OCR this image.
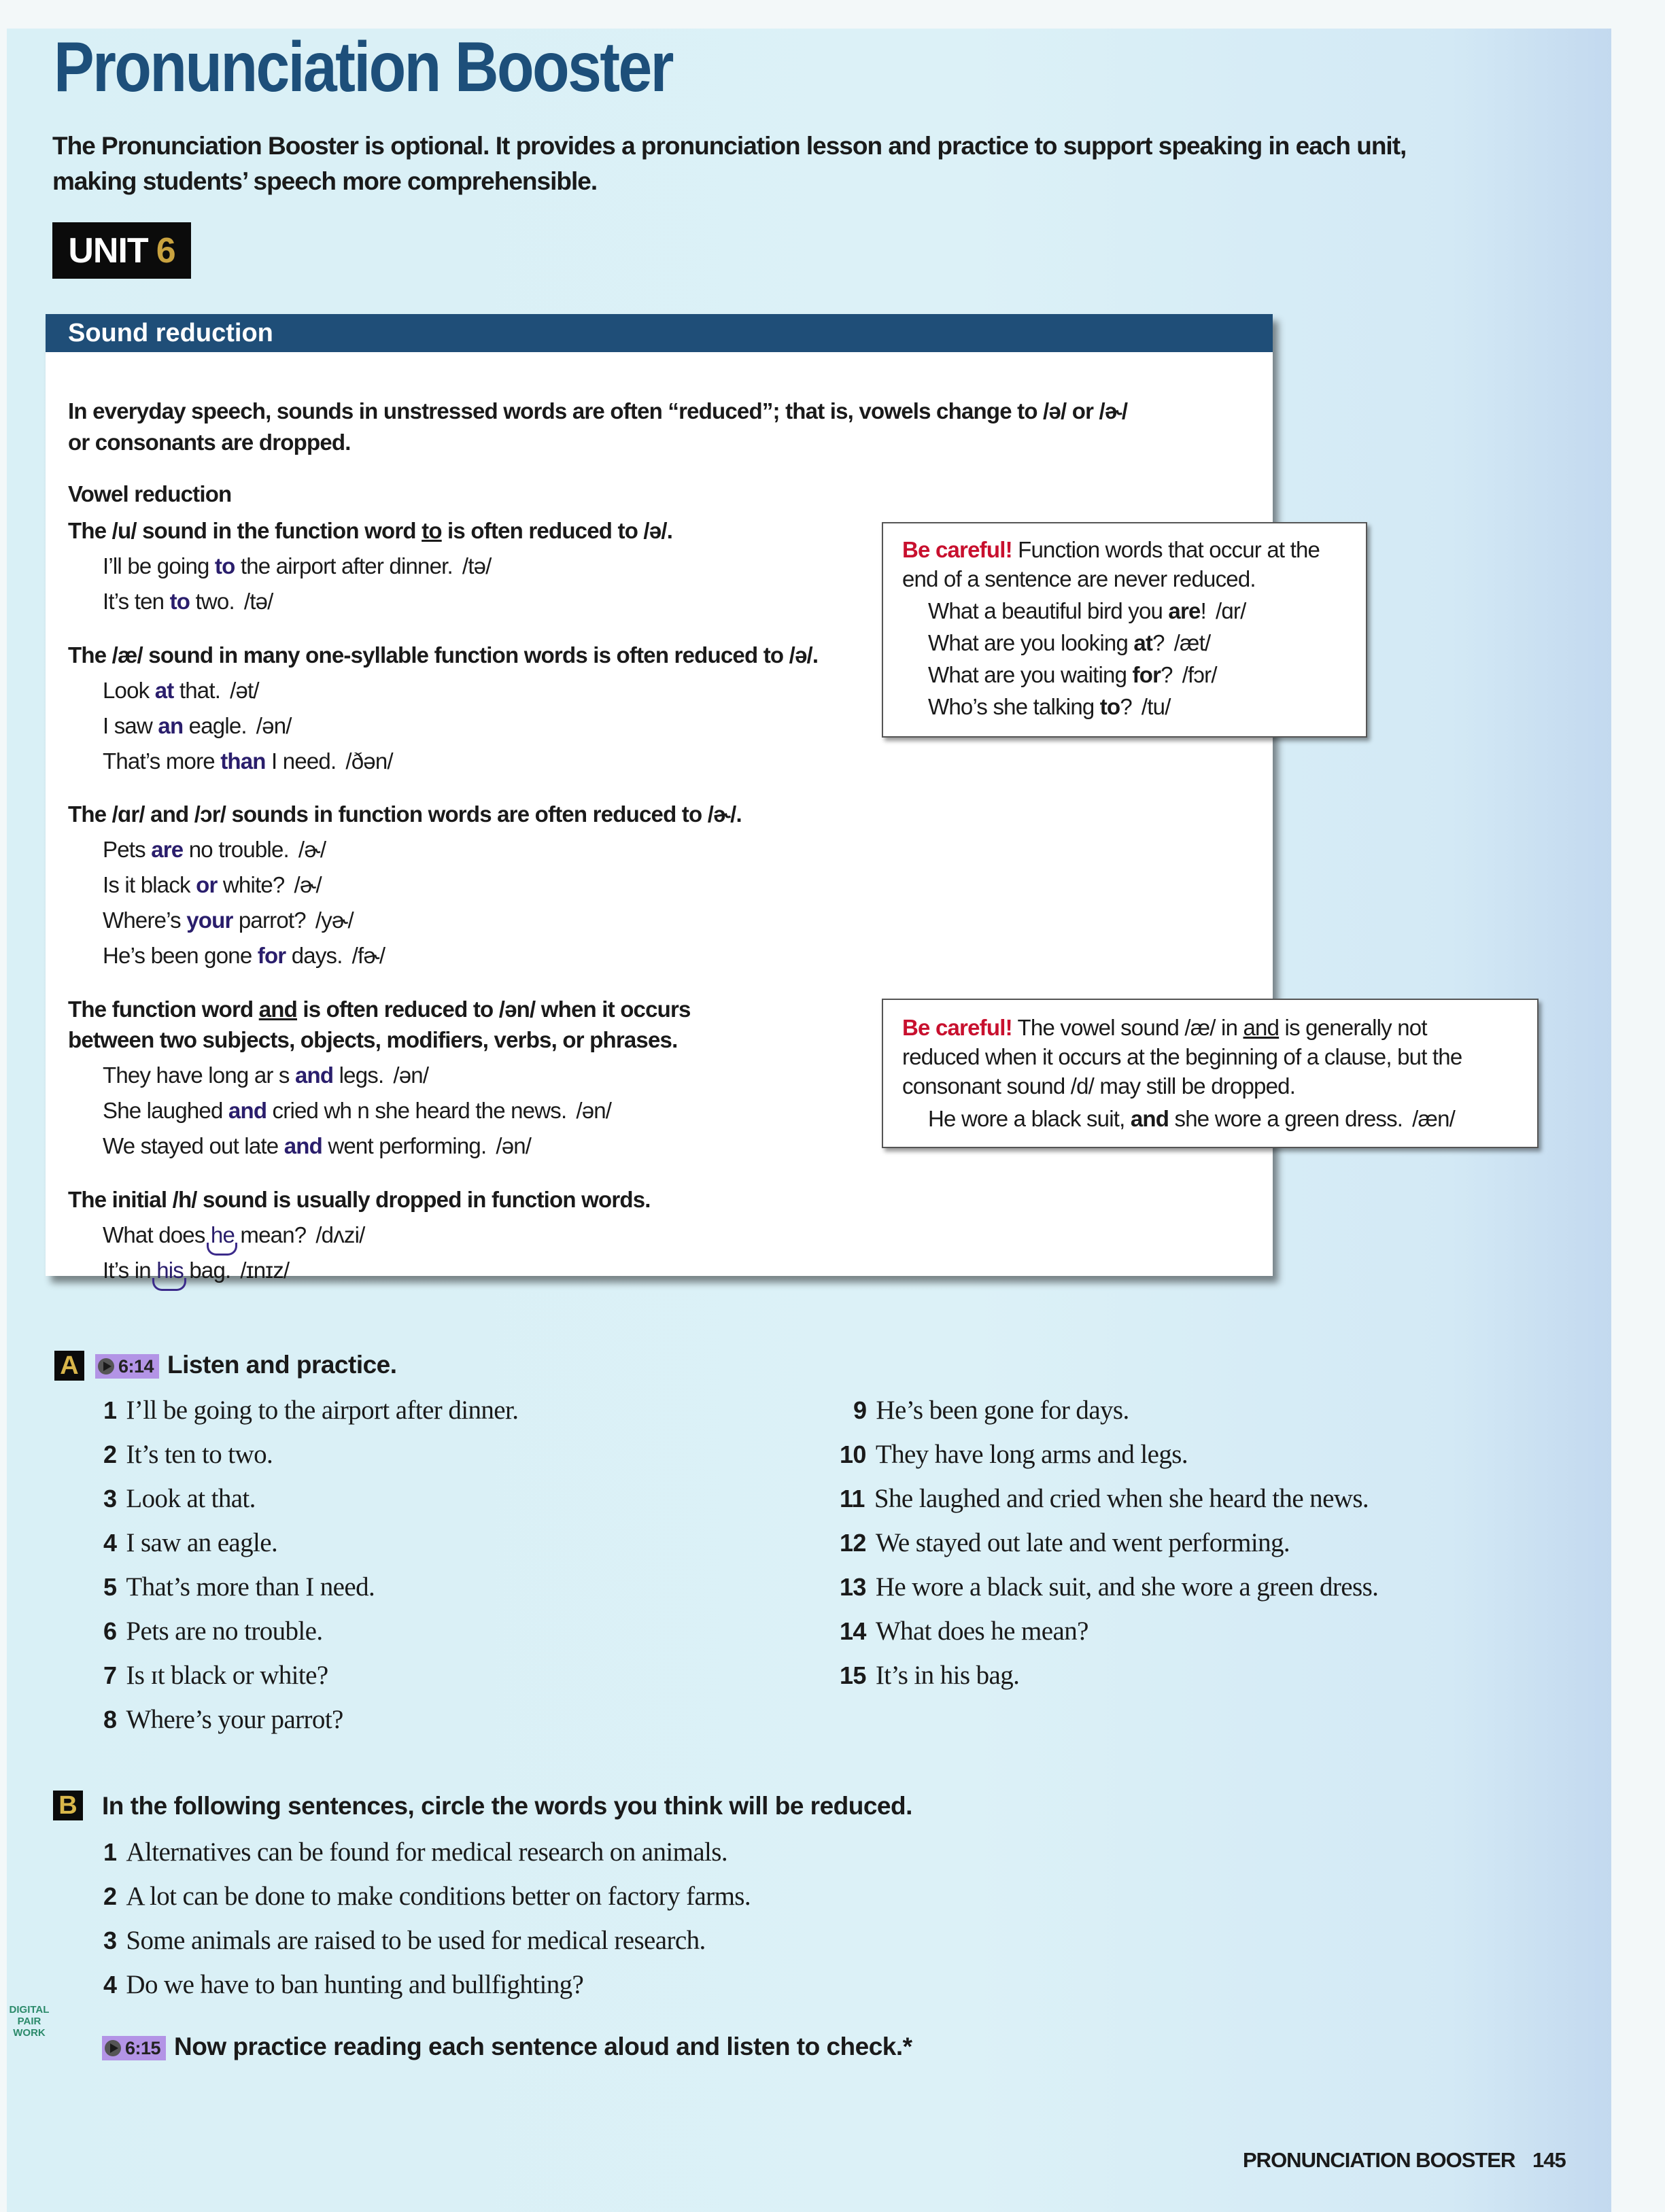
Pronunciation Booster
The Pronunciation Booster is optional. It provides a pronunciation lesson and practice to support speaking in each unit,
making students’ speech more comprehensible.
UNIT 6
Sound reduction
In everyday speech, sounds in unstressed words are often “reduced”; that is, vowels change to /ə/ or /ɚ/
or consonants are dropped.
Vowel reduction
The /u/ sound in the function word to is often reduced to /ə/.
I’ll be going to the airport after dinner. /tə/
It’s ten to two. /tə/
The /æ/ sound in many one-syllable function words is often reduced to /ə/.
Look at that. /ət/
I saw an eagle. /ən/
That’s more than I need. /ðən/
The /ɑr/ and /ɔr/ sounds in function words are often reduced to /ɚ/.
Pets are no trouble. /ɚ/
Is it black or white? /ɚ/
Where’s your parrot? /yɚ/
He’s been gone for days. /fɚ/
The function word and is often reduced to /ən/ when it occurs
between two subjects, objects, modifiers, verbs, or phrases.
They have long ar s and legs. /ən/
She laughed and cried wh n she heard the news. /ən/
We stayed out late and went performing. /ən/
The initial /h/ sound is usually dropped in function words.
What does he mean? /dʌzi/
It’s in his bag. /ɪnɪz/
Be careful! Function words that occur at the
end of a sentence are never reduced.
What a beautiful bird you are! /ɑr/
What are you looking at? /æt/
What are you waiting for? /fɔr/
Who’s she talking to? /tu/
Be careful! The vowel sound /æ/ in and is generally not
reduced when it occurs at the beginning of a clause, but the
consonant sound /d/ may still be dropped.
He wore a black suit, and she wore a green dress. /æn/
A	6:14 Listen and practice.
1 I’ll be going to the airport after dinner.
2 It’s ten to two.
3 Look at that.
4 I saw an eagle.
5 That’s more than I need.
6 Pets are no trouble.
7 Is ɪt black or white?
8 Where’s your parrot?
9 He’s been gone for days.
10 They have long arms and legs.
11 She laughed and cried when she heard the news.
12 We stayed out late and went performing.
13 He wore a black suit, and she wore a green dress.
14 What does he mean?
15 It’s in his bag.
B In the following sentences, circle the words you think will be reduced.
1 Alternatives can be found for medical research on animals.
2 A lot can be done to make conditions better on factory farms.
3 Some animals are raised to be used for medical research.
4 Do we have to ban hunting and bullfighting?
DIGITAL PAIR WORK
6:15 Now practice reading each sentence aloud and listen to check.*
PRONUNCIATION BOOSTER 145
